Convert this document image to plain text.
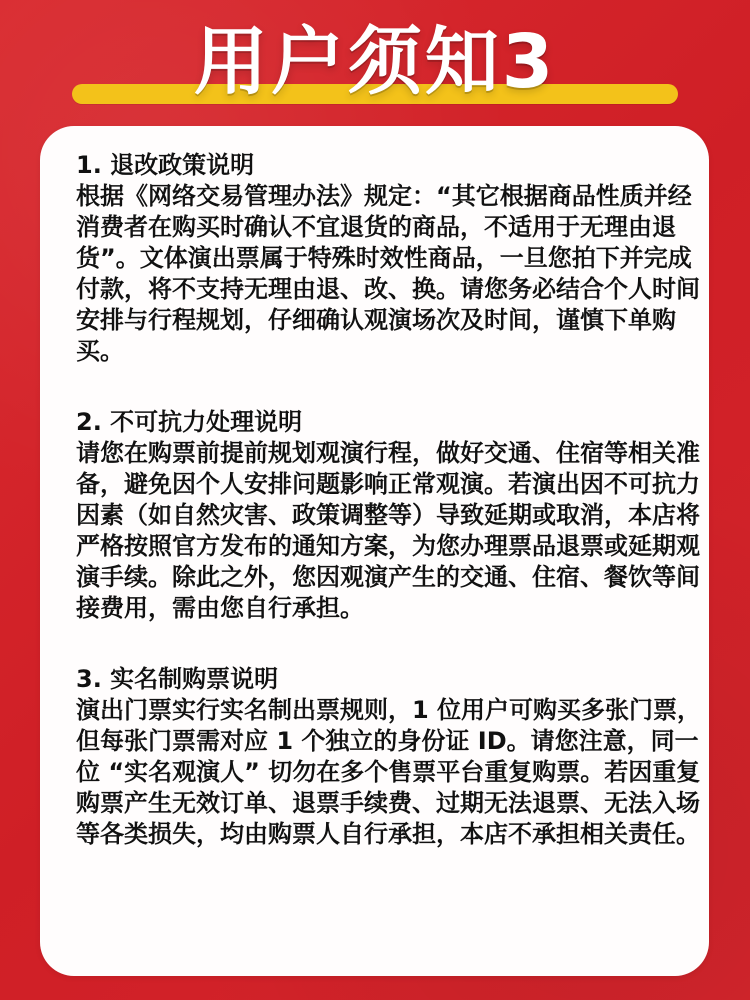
用户须知3

1. 退改政策说明

根据《网络交易管理办法》规定：“其它根据商品性质并经消费者在购买时确认不宜退货的商品，不适用于无理由退货”。文体演出票属于特殊时效性商品，一旦您拍下并完成付款，将不支持无理由退、改、换。请您务必结合个人时间安排与行程规划，仔细确认观演场次及时间，谨慎下单购买。

2. 不可抗力处理说明

请您在购票前提前规划观演行程，做好交通、住宿等相关准备，避免因个人安排问题影响正常观演。若演出因不可抗力因素（如自然灾害、政策调整等）导致延期或取消，本店将严格按照官方发布的通知方案，为您办理票品退票或延期观演手续。除此之外，您因观演产生的交通、住宿、餐饮等间接费用，需由您自行承担。

3. 实名制购票说明

演出门票实行实名制出票规则，1 位用户可购买多张门票，但每张门票需对应 1 个独立的身份证 ID。请您注意，同一位 “实名观演人” 切勿在多个售票平台重复购票。若因重复购票产生无效订单、退票手续费、过期无法退票、无法入场等各类损失，均由购票人自行承担，本店不承担相关责任。
